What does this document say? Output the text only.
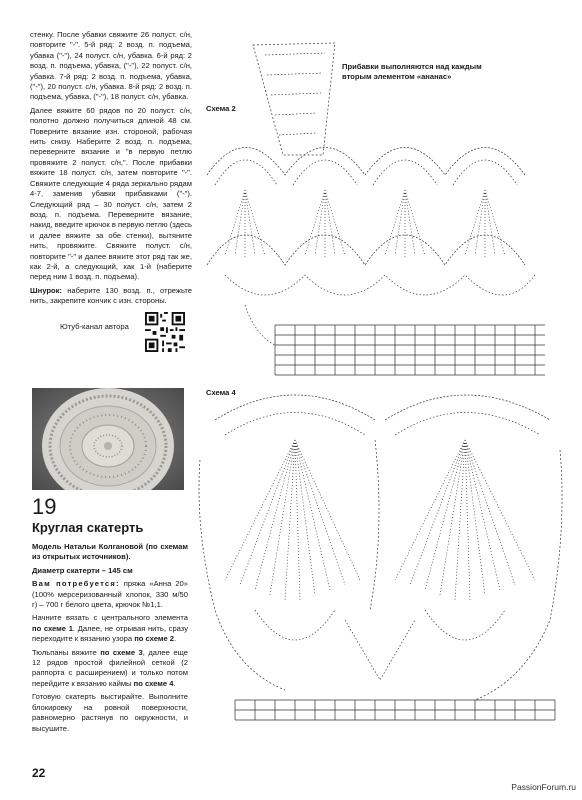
стенку. После убавки свяжите 26 полуст. с/н, повторите "-". 5-й ряд: 2 возд. п. подъема, убавка ("-"), 24 полуст. с/н, убавка. 6-й ряд: 2 возд. п. подъема, убавка, ("-"), 22 полуст. с/н, убавка. 7-й ряд: 2 возд. п. подъема, убавка, ("-"), 20 полуст. с/н, убавка. 8-й ряд: 2 возд. п. подъема, убавка, ("-"), 18 полуст. с/н, убавка.

Далее вяжите 60 рядов по 20 полуст. с/н, полотно должно получиться длиной 48 см. Поверните вязание изн. стороной, рабочая нить снизу. Наберите 2 возд. п. подъема, переверните вязание и "в первую петлю провяжите 2 полуст. с/н,". После прибавки вяжите 18 полуст. с/н, затем повторите "-". Свяжите следующие 4 ряда зеркально рядам 4-7, заменив убавки прибавками ("-"). Следующий ряд – 30 полуст. с/н, затем 2 возд. п. подъема. Переверните вязание, накид, введите крючок в первую петлю (здесь и далее вяжите за обе стенки), вытяните нить, провяжите. Свяжите полуст. с/н, повторите "-" и далее вяжите этот ряд так же, как 2-й, а следующий, как 1-й (наберите перед ним 1 возд. п. подъема).

Шнурок: наберите 130 возд. п., отрежьте нить, закрепите кончик с изн. стороны.

Ютуб-канал автора
19
Круглая скатерть

Модель Натальи Колгановой (по схемам из открытых источников).

Диаметр скатерти – 145 см

Вам потребуется: пряжа «Анна 20» (100% мерсеризованный хлопок, 330 м/50 г) – 700 г белого цвета, крючок №1,1.

Начните вязать с центрального элемента по схеме 1. Далее, не отрывая нить, сразу переходите к вязанию узора по схеме 2.

Тюльпаны вяжите по схеме 3, далее еще 12 рядов простой филейной сеткой (2 раппорта с расширением) и только потом перейдите к вязанию каймы по схеме 4.

Готовую скатерть выстирайте. Выполните блокировку на ровной поверхности, равномерно растянув по окружности, и высушите.

22
PassionForum.ru
Схема 2
Прибавки выполняются над каждым вторым элементом «ананас»
Схема 4
